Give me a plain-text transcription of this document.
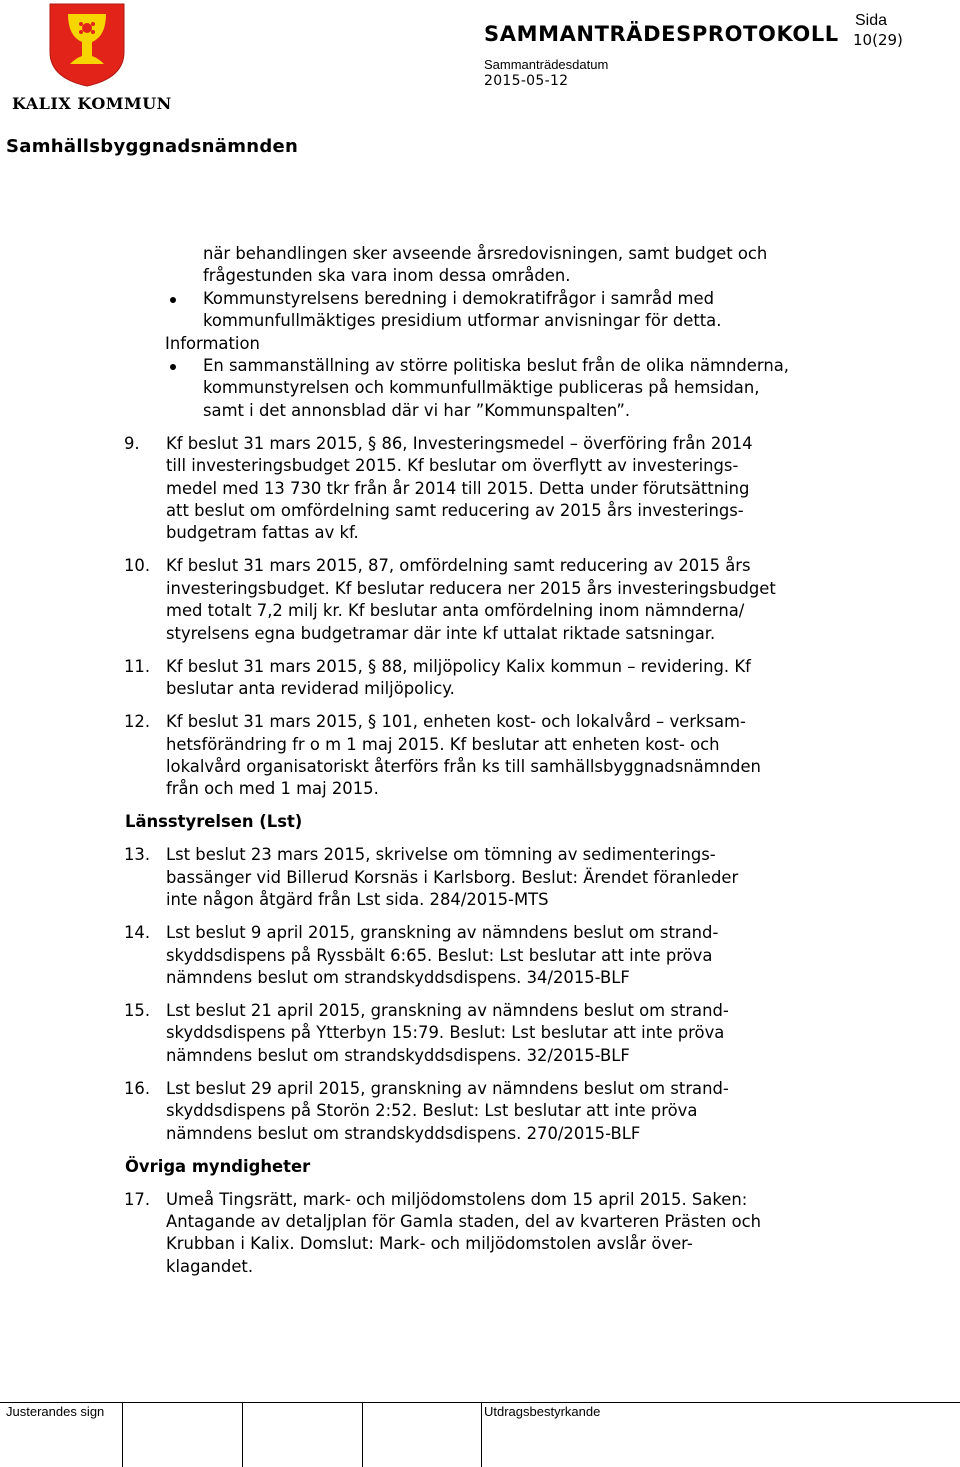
KALIX KOMMUN
SAMMANTRÄDESPROTOKOLL
Sida
10(29)
Sammanträdesdatum
2015-05-12
Samhällsbyggnadsnämnden
när behandlingen sker avseende årsredovisningen, samt budget och
frågestunden ska vara inom dessa områden.
Kommunstyrelsens beredning i demokratifrågor i samråd med
kommunfullmäktiges presidium utformar anvisningar för detta.
Information
En sammanställning av större politiska beslut från de olika nämnderna,
kommunstyrelsen och kommunfullmäktige publiceras på hemsidan,
samt i det annonsblad där vi har ”Kommunspalten”.
9. Kf beslut 31 mars 2015, § 86, Investeringsmedel – överföring från 2014
till investeringsbudget 2015. Kf beslutar om överflytt av investerings-
medel med 13 730 tkr från år 2014 till 2015. Detta under förutsättning
att beslut om omfördelning samt reducering av 2015 års investerings-
budgetram fattas av kf.
10. Kf beslut 31 mars 2015, 87, omfördelning samt reducering av 2015 års
investeringsbudget. Kf beslutar reducera ner 2015 års investeringsbudget
med totalt 7,2 milj kr. Kf beslutar anta omfördelning inom nämnderna/
styrelsens egna budgetramar där inte kf uttalat riktade satsningar.
11. Kf beslut 31 mars 2015, § 88, miljöpolicy Kalix kommun – revidering. Kf
beslutar anta reviderad miljöpolicy.
12. Kf beslut 31 mars 2015, § 101, enheten kost- och lokalvård – verksam-
hetsförändring fr o m 1 maj 2015. Kf beslutar att enheten kost- och
lokalvård organisatoriskt återförs från ks till samhällsbyggnadsnämnden
från och med 1 maj 2015.
Länsstyrelsen (Lst)
13. Lst beslut 23 mars 2015, skrivelse om tömning av sedimenterings-
bassänger vid Billerud Korsnäs i Karlsborg. Beslut: Ärendet föranleder
inte någon åtgärd från Lst sida. 284/2015-MTS
14. Lst beslut 9 april 2015, granskning av nämndens beslut om strand-
skyddsdispens på Ryssbält 6:65. Beslut: Lst beslutar att inte pröva
nämndens beslut om strandskyddsdispens. 34/2015-BLF
15. Lst beslut 21 april 2015, granskning av nämndens beslut om strand-
skyddsdispens på Ytterbyn 15:79. Beslut: Lst beslutar att inte pröva
nämndens beslut om strandskyddsdispens. 32/2015-BLF
16. Lst beslut 29 april 2015, granskning av nämndens beslut om strand-
skyddsdispens på Storön 2:52. Beslut: Lst beslutar att inte pröva
nämndens beslut om strandskyddsdispens. 270/2015-BLF
Övriga myndigheter
17. Umeå Tingsrätt, mark- och miljödomstolens dom 15 april 2015. Saken:
Antagande av detaljplan för Gamla staden, del av kvarteren Prästen och
Krubban i Kalix. Domslut: Mark- och miljödomstolen avslår över-
klagandet.
Justerandes sign	Utdragsbestyrkande
